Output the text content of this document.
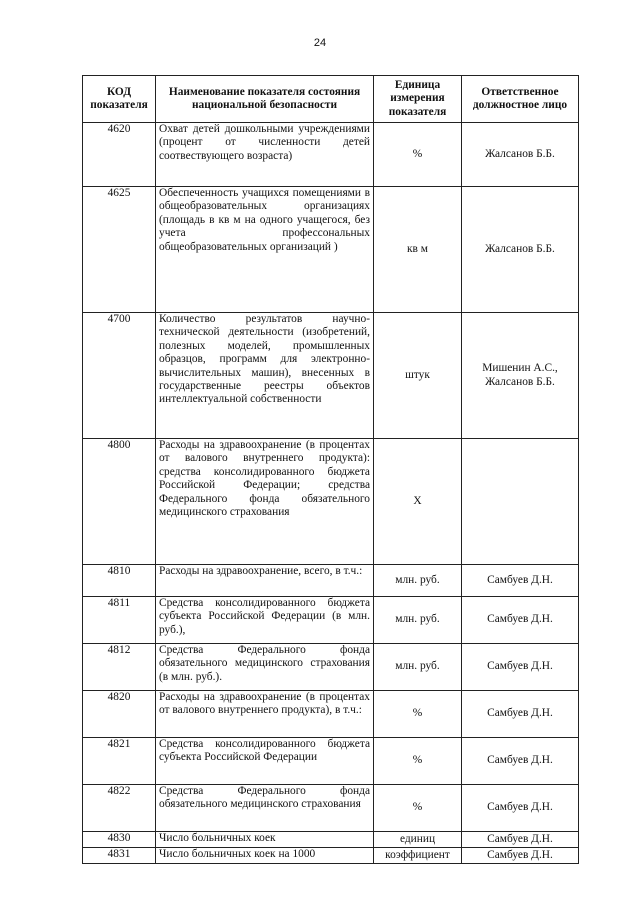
24
КОД показателя	Наименование показателя состояния национальной безопасности	Единица измерения показателя	Ответственное должностное лицо
4620	Охват детей дошкольными учреждениями (процент от численности детей соотвествующего возраста)	%	Жалсанов Б.Б.
4625	Обеспеченность учащихся помещениями в общеобразовательных организациях (площадь в кв м на одного учащегося, без учета профессональных общеобразовательных организаций )	кв м	Жалсанов Б.Б.
4700	Количество результатов научно-технической деятельности (изобретений, полезных моделей, промышленных образцов, программ для электронно-вычислительных машин), внесенных в государственные реестры объектов интеллектуальной собственности	штук	Мишенин А.С., Жалсанов Б.Б.
4800	Расходы на здравоохранение (в процентах от валового внутреннего продукта): средства консолидированного бюджета Российской Федерации; средства Федерального фонда обязательного медицинского страхования	X	
4810	Расходы на здравоохранение, всего, в т.ч.:	млн. руб.	Самбуев Д.Н.
4811	Средства консолидированного бюджета субъекта Российской Федерации (в млн. руб.),	млн. руб.	Самбуев Д.Н.
4812	Средства Федерального фонда обязательного медицинского страхования (в млн. руб.).	млн. руб.	Самбуев Д.Н.
4820	Расходы на здравоохранение (в процентах от валового внутреннего продукта), в т.ч.:	%	Самбуев Д.Н.
4821	Средства консолидированного бюджета субъекта Российской Федерации	%	Самбуев Д.Н.
4822	Средства Федерального фонда обязательного медицинского страхования	%	Самбуев Д.Н.
4830	Число больничных коек	единиц	Самбуев Д.Н.
4831	Число больничных коек на 1000	коэффициент	Самбуев Д.Н.
